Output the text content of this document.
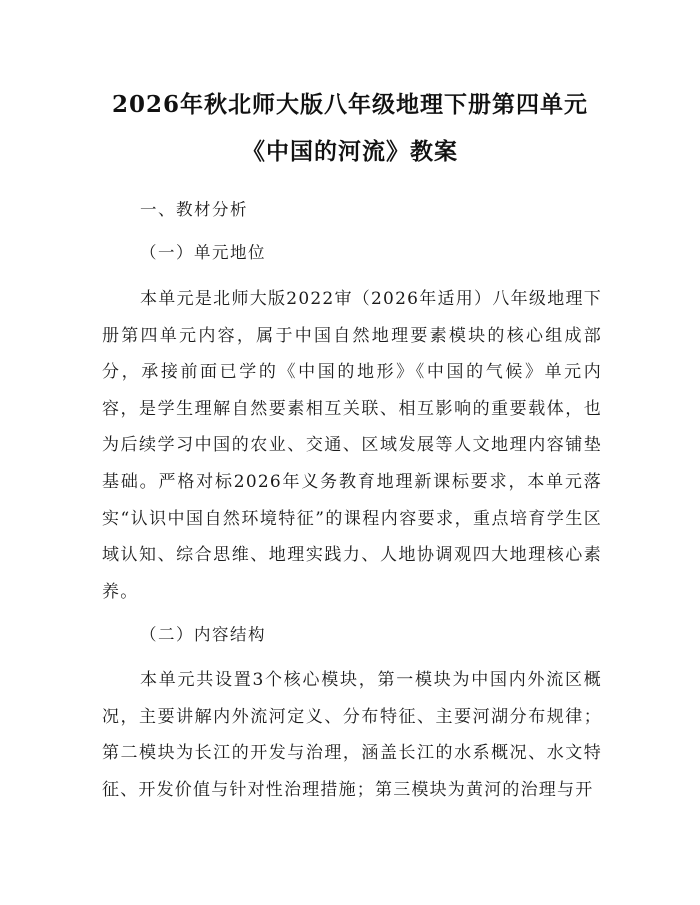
2026年秋北师大版八年级地理下册第四单元
《中国的河流》教案
一、教材分析
（一）单元地位

本单元是北师大版2022审（2026年适用）八年级地理下册第四单元内容，属于中国自然地理要素模块的核心组成部分，承接前面已学的《中国的地形》《中国的气候》单元内容，是学生理解自然要素相互关联、相互影响的重要载体，也为后续学习中国的农业、交通、区域发展等人文地理内容铺垫基础。严格对标2026年义务教育地理新课标要求，本单元落实“认识中国自然环境特征”的课程内容要求，重点培育学生区域认知、综合思维、地理实践力、人地协调观四大地理核心素养。

（二）内容结构

本单元共设置3个核心模块，第一模块为中国内外流区概况，主要讲解内外流河定义、分布特征、主要河湖分布规律；第二模块为长江的开发与治理，涵盖长江的水系概况、水文特征、开发价值与针对性治理措施；第三模块为黄河的治理与开
